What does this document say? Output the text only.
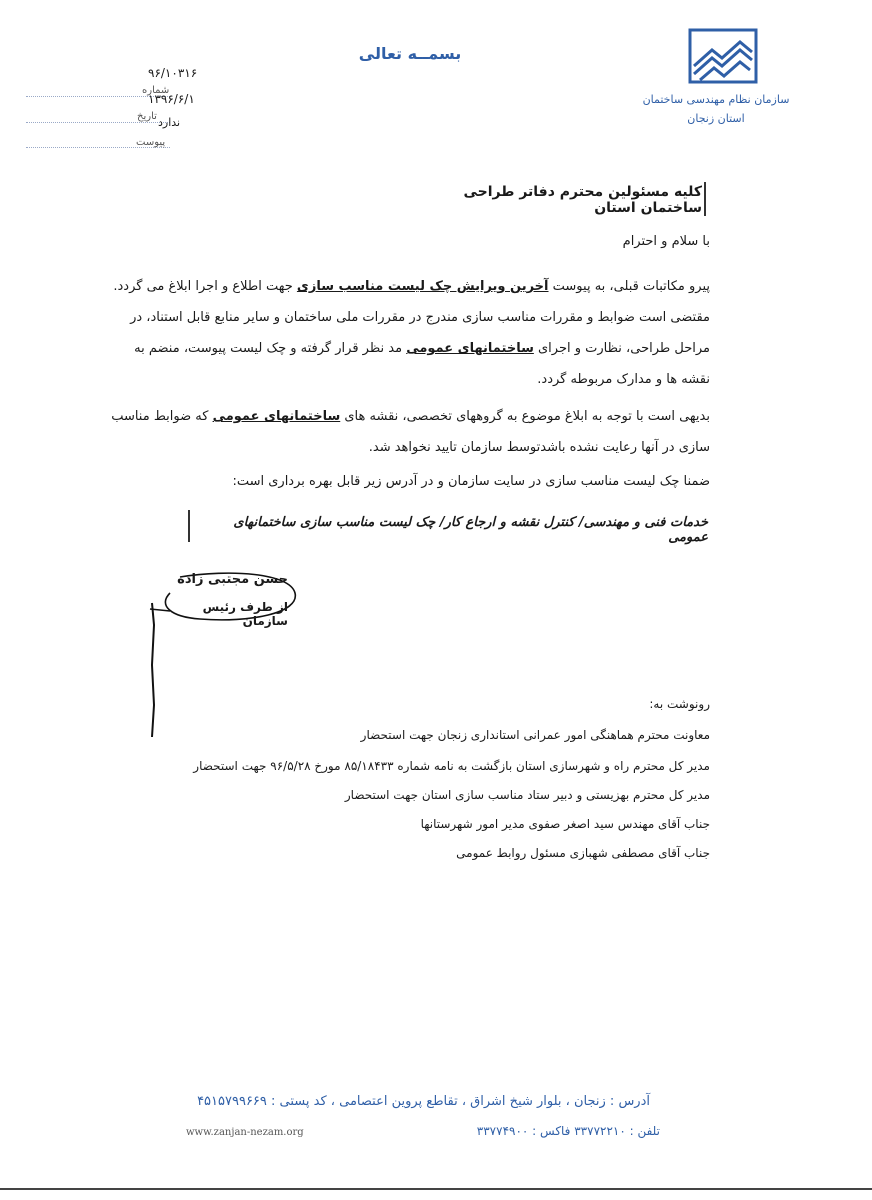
بسمــه تعالی
سازمان نظام مهندسی ساختمان
استان زنجان
۹۶/۱۰۳۱۶
شماره
۱۳۹۶/۶/۱
تاریخ ندارد
پیوست
کلیه مسئولین محترم دفاتر طراحی ساختمان استان
با سلام و احترام
پیرو مکاتبات قبلی، به پیوست آخرین ویرایش چک لیست مناسب سازی جهت اطلاع و اجرا ابلاغ می گردد. مقتضی است ضوابط و مقررات مناسب سازی مندرج در مقررات ملی ساختمان و سایر منابع قابل استناد، در مراحل طراحی، نظارت و اجرای ساختمانهای عمومی مد نظر قرار گرفته و چک لیست پیوست، منضم به نقشه ها و مدارک مربوطه گردد.
بدیهی است با توجه به ابلاغ موضوع به گروههای تخصصی، نقشه های ساختمانهای عمومی که ضوابط مناسب سازی در آنها رعایت نشده باشدتوسط سازمان تایید نخواهد شد.
ضمنا چک لیست مناسب سازی در سایت سازمان و در آدرس زیر قابل بهره برداری است:
خدمات فنی و مهندسی/ کنترل نقشه و ارجاع کار/ چک لیست مناسب سازی ساختمانهای عمومی
حسن مجتبی زاده
از طرف رئیس سازمان
رونوشت به:
معاونت محترم هماهنگی امور عمرانی استانداری زنجان جهت استحضار
مدیر کل محترم راه و شهرسازی استان بازگشت به نامه شماره ۸۵/۱۸۴۳۳ مورخ ۹۶/۵/۲۸ جهت استحضار
مدیر کل محترم بهزیستی و دبیر ستاد مناسب سازی استان جهت استحضار
جناب آقای مهندس سید اصغر صفوی مدیر امور شهرستانها
جناب آقای مصطفی شهبازی مسئول روابط عمومی
آدرس : زنجان ، بلوار شیخ اشراق ، تقاطع پروین اعتصامی ، کد پستی : ۴۵۱۵۷۹۹۶۶۹
تلفن : ۳۳۷۷۲۲۱۰ فاکس : ۳۳۷۷۴۹۰۰
www.zanjan-nezam.org
